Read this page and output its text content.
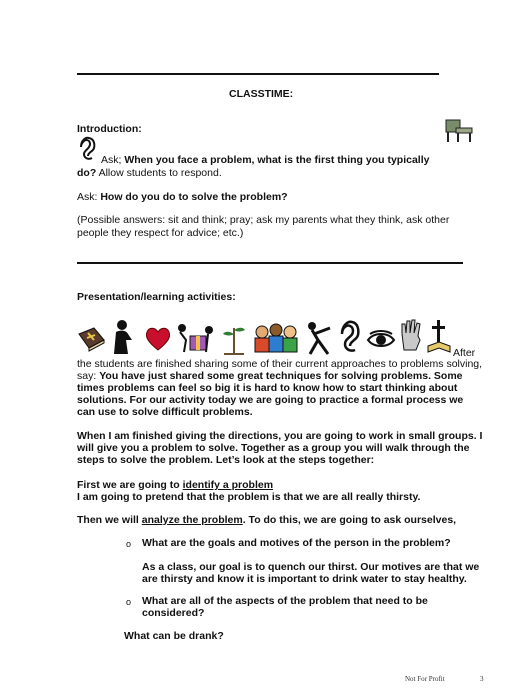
CLASSTIME:
Introduction:
Ask; When you face a problem, what is the first thing you typically
do? Allow students to respond.
Ask: How do you do to solve the problem?
(Possible answers: sit and think; pray; ask my parents what they think, ask other
people they respect for advice; etc.)
Presentation/learning activities:
After
the students are finished sharing some of their current approaches to problems solving,
say: You have just shared some great techniques for solving problems. Some
times problems can feel so big it is hard to know how to start thinking about
solutions. For our activity today we are going to practice a formal process we
can use to solve difficult problems.
When I am finished giving the directions, you are going to work in small groups. I
will give you a problem to solve. Together as a group you will walk through the
steps to solve the problem. Let’s look at the steps together:
First we are going to identify a problem
I am going to pretend that the problem is that we are all really thirsty.
Then we will analyze the problem. To do this, we are going to ask ourselves,
o What are the goals and motives of the person in the problem?
As a class, our goal is to quench our thirst. Our motives are that we
are thirsty and know it is important to drink water to stay healthy.
o What are all of the aspects of the problem that need to be
considered?
What can be drank?
Not For Profit	3
